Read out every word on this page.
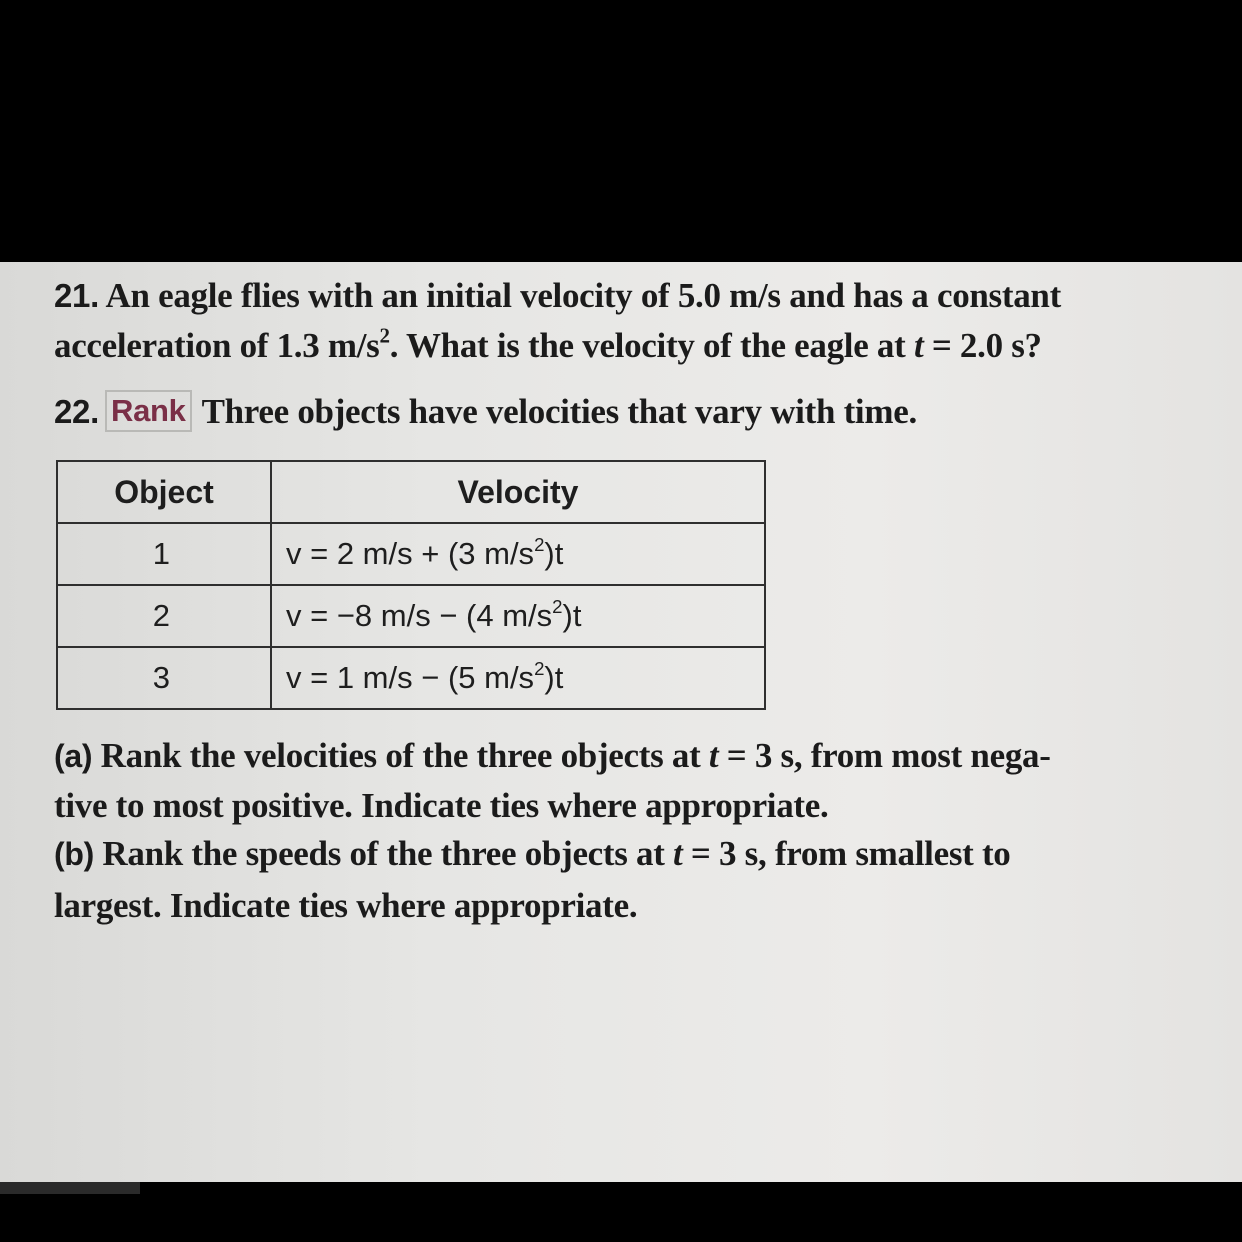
21. An eagle flies with an initial velocity of 5.0 m/s and has a constant
acceleration of 1.3 $m/s^2$. What is the velocity of the eagle at t = 2.0 s?
22. Rank Three objects have velocities that vary with time.
Object	Velocity
1	v = 2 m/s + (3 $m/s^2)t$
2	v = −8 m/s − (4 $m/s^2)t$
3	v = 1 m/s − (5 $m/s^2)t$
(a) Rank the velocities of the three objects at t = 3 s, from most nega-
tive to most positive. Indicate ties where appropriate.
(b) Rank the speeds of the three objects at t = 3 s, from smallest to
largest. Indicate ties where appropriate.
